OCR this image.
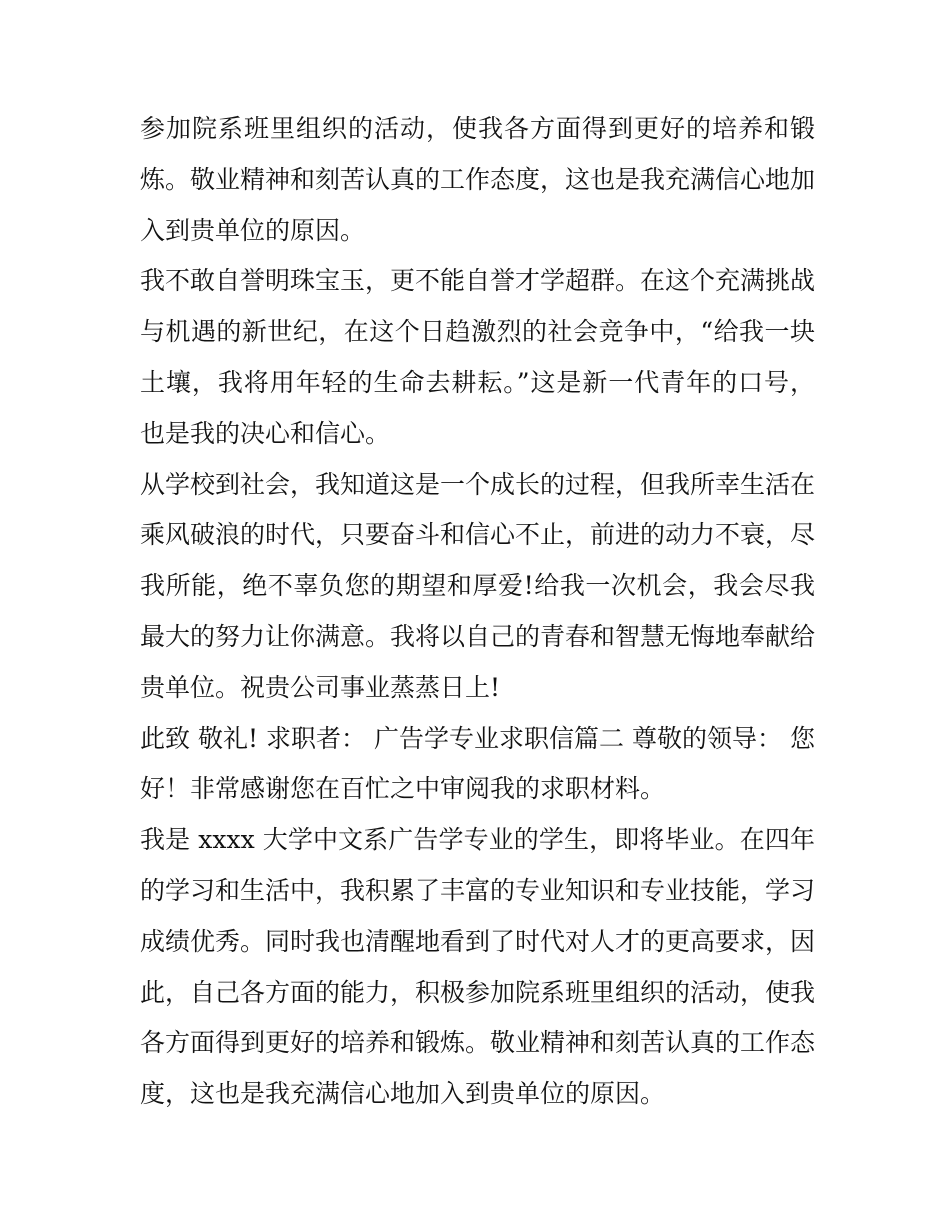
参加院系班里组织的活动，使我各方面得到更好的培养和锻
炼。敬业精神和刻苦认真的工作态度，这也是我充满信心地加
入到贵单位的原因。
我不敢自誉明珠宝玉，更不能自誉才学超群。在这个充满挑战
与机遇的新世纪，在这个日趋激烈的社会竞争中，“给我一块
土壤，我将用年轻的生命去耕耘。”这是新一代青年的口号，
也是我的决心和信心。
从学校到社会，我知道这是一个成长的过程，但我所幸生活在
乘风破浪的时代，只要奋斗和信心不止，前进的动力不衰，尽
我所能，绝不辜负您的期望和厚爱!给我一次机会，我会尽我
最大的努力让你满意。我将以自己的青春和智慧无悔地奉献给
贵单位。祝贵公司事业蒸蒸日上!
此致 敬礼! 求职者： 广告学专业求职信篇二 尊敬的领导： 您
好！非常感谢您在百忙之中审阅我的求职材料。
我是 xxxx 大学中文系广告学专业的学生，即将毕业。在四年
的学习和生活中，我积累了丰富的专业知识和专业技能，学习
成绩优秀。同时我也清醒地看到了时代对人才的更高要求，因
此，自己各方面的能力，积极参加院系班里组织的活动，使我
各方面得到更好的培养和锻炼。敬业精神和刻苦认真的工作态
度，这也是我充满信心地加入到贵单位的原因。
